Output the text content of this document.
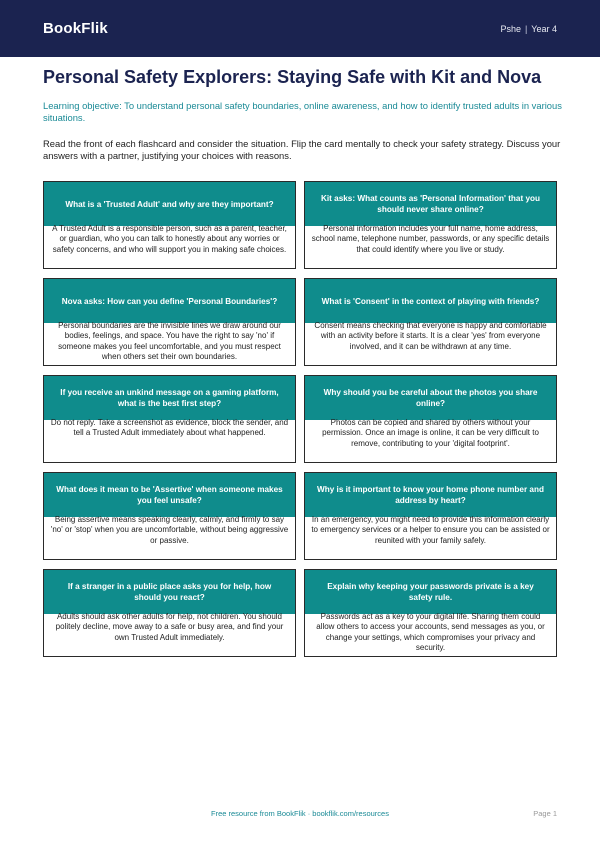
BookFlik	Pshe | Year 4
Personal Safety Explorers: Staying Safe with Kit and Nova

Learning objective: To understand personal safety boundaries, online awareness, and how to identify trusted adults in various situations.

Read the front of each flashcard and consider the situation. Flip the card mentally to check your safety strategy. Discuss your answers with a partner, justifying your choices with reasons.

What is a 'Trusted Adult' and why are they important?
A Trusted Adult is a responsible person, such as a parent, teacher, or guardian, who you can talk to honestly about any worries or safety concerns, and who will support you in making safe choices.
Kit asks: What counts as 'Personal Information' that you should never share online?
Personal information includes your full name, home address, school name, telephone number, passwords, or any specific details that could identify where you live or study.
Nova asks: How can you define 'Personal Boundaries'?
Personal boundaries are the invisible lines we draw around our bodies, feelings, and space. You have the right to say 'no' if someone makes you feel uncomfortable, and you must respect when others set their own boundaries.
What is 'Consent' in the context of playing with friends?
Consent means checking that everyone is happy and comfortable with an activity before it starts. It is a clear 'yes' from everyone involved, and it can be withdrawn at any time.
If you receive an unkind message on a gaming platform, what is the best first step?
Do not reply. Take a screenshot as evidence, block the sender, and tell a Trusted Adult immediately about what happened.
Why should you be careful about the photos you share online?
Photos can be copied and shared by others without your permission. Once an image is online, it can be very difficult to remove, contributing to your 'digital footprint'.
What does it mean to be 'Assertive' when someone makes you feel unsafe?
Being assertive means speaking clearly, calmly, and firmly to say 'no' or 'stop' when you are uncomfortable, without being aggressive or passive.
Why is it important to know your home phone number and address by heart?
In an emergency, you might need to provide this information clearly to emergency services or a helper to ensure you can be assisted or reunited with your family safely.
If a stranger in a public place asks you for help, how should you react?
Adults should ask other adults for help, not children. You should politely decline, move away to a safe or busy area, and find your own Trusted Adult immediately.
Explain why keeping your passwords private is a key safety rule.
Passwords act as a key to your digital life. Sharing them could allow others to access your accounts, send messages as you, or change your settings, which compromises your privacy and security.
Free resource from BookFlik · bookflik.com/resources	Page 1
